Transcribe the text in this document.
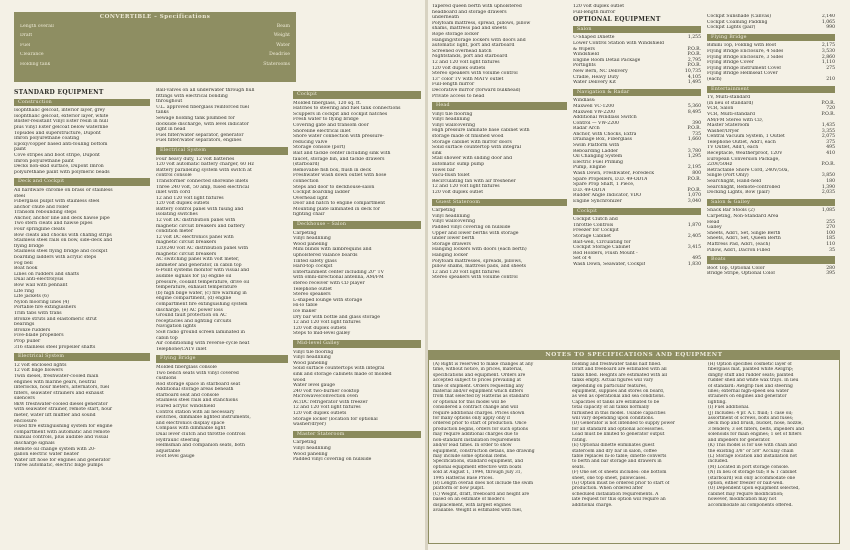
CONVERTIBLE – Specifications
Length overall	Beam
Draft	Weight
Fuel	Water
Clearance	Deadrise
Holding tank	Staterooms
STANDARD EQUIPMENT
Construction
Isophthalic gelcoat, interior layer, grey
Isophthalic gelcoat, exterior layer, white
Blister-resistant Vinyl Ester resin in hull
plus Vinyl Ester gelcoat below waterline
Topsides and superstructure, Dupont
Imron polyurethane coating
Epoxy/copper based anti-fouling bottom
paint
Cove stripes and boot stripe, Dupont
Imron polyurethane paint
Decks non-skid surface, Dupont Imron
polyurethane paint with polymeric beads
Deck and Cockpit
All hardware chrome on brass or stainless
steel
Fiberglass pulpit with stainless steel
anchor chute and roller
Transom rebounding steps
Anchor, anchor line and deck hawse pipe
Two stern cleats and hawse pipes
Four springline cleats
Bow cleats and chocks with chafing strips
Stainless steel rails on bow, side-deck and
flying bridge
Stainless steel flying bridge and cockpit
boarding ladders with acrylic steps
Fog bell
Boat hook
Lines on rudders and shafts
Dual anti-electrolysis
Bow wall with pennant
Life ring
Life jackets (6)
Nylon mooring lines (4)
Portable fire extinguishers
Trim tabs with trans
Bronze struts and elastomeric strut
bearings
Bronze rudders
Five-blade propellers
Prop puller
316 stainless steel propeller shafts
Electrical System
12 volt enclosed lights
12 volt bilge blowers
Twin diesel, freshwater-cooled main
engines with marine gears, neutral
interlocks, hour meters, alternators, fuel
filters, seawater strainers and exhaust
silencers
8kW freshwater-cooled diesel generator
with seawater strainer, remote start, hour
meter, water lift muffler and sound
enclosure
Fixed fire extinguishing system for engine
compartment with automatic and remote
manual controls, plus audible and visual
discharge signals
Remote oil change system with 20-
gallon electric water heater
Water lift hose for engines and generator
Three automatic, electric bilge pumps
Ball-valves on all underwater through hull
fittings with electrical bonding
throughout
U.L. approved fiberglass reinforced fuel
tanks
Sewage holding tank plumbed for
dockside discharge, with level indicator
light in head
Fuel filter/water separator, generator
Fuel filter/water separators, engines
Electrical System
Four heavy duty, 12 volt batteries
120 volt automatic battery charger, 60 Hz
Battery paralleling system with switch at
control console
Transformer connected shoreline inlets
Three 240 volt, 50 amp, fused electrical
inlet with cord
12 and 120 volt light fixtures
120 volt duplex outlets
Battery control panel with fusing and
isolating switches
12 volt DC distribution panel with
magnetic circuit breakers and battery
condition meter
12 volt DC electronics panel with
magnetic circuit breakers
120/240 volt AC distribution panel with
magnetic circuit breakers
AC switching panel with volt meter,
ammeter and generator, in cabin top
6-Point systems monitor with visual and
audible signals for (a) engine oil
pressure, coolant temperature, drive oil
temperature, exhaust temperature
(b) high bilge water, (c) fire warning in
engine compartment, (d) engine
compartment fire extinguishing system
discharge, (e) AC power loss
Ground fault protection on AC
receptacles and lighting circuits
Navigation lights
SSB radio ground screen laminated in
cabin top
Air conditioning with reverse-cycle heat
Telephone/CATV inlet
Flying Bridge
Molded fiberglass console
Two bench seats with vinyl covered
cushions
Rod storage space in starboard seat
Additional storage areas beneath
starboard seat and console
Stainless steel rails and stanchions
Flared acrylic windshield
Control station with all necessary
switches, dimmable lighted instruments,
and electronics display space
Compass with dimmable light
Dual lever clutch and throttle controls
Hydraulic steering
Helmsman and companion seats, both
adjustable
Foot level gauge
Cockpit
Molded fiberglass, 120 sq. ft.
Hatches to steering and fuel tank connections
Scuppers in cockpit and cockpit hatches
Fresh water to flying bridge
Covering gate and transom door
Shoreline electrical inlet
Shore water connection with pressure-
reducing valve
Storage console (port)
Bait and tackle center including sink with
faucet, storage bin, and tackle drawers
(starboard)
Removable fish box, flush in deck
Freshwater wash down outlet with hose
connection
Steps and door to deckhouse-salon
Cockpit boarding ladder
Overhead light
Door and hatch to engine compartment
Mounting plate laminated in deck for
fighting chair
Deckhouse – Salon
Carpeting
Vinyl headlining
Wood paneling
Mini blinds with lambrequins and
upholstered valance boards
Tinted safety glass
Hard-top cockpit
Entertainment center including 20" TV
with omni-directional antenna, AM/FM
stereo receiver with CD player
Telephone outlet
Stereo speakers
L-shaped lounge with storage
Hi-lo table
Ice maker
Dry bar with bottle and glass storage
12 and 120 volt light fixtures
120 volt duplex outlets
Steps to mid-level galley
Mid-level Galley
Vinyl tile flooring
Vinyl headlining
Wood paneling
Solid surface countertops with integral
sink and storage cabinets made of molded
wood
Water level gauge
240 volt two-burner cooktop
Microwave/convection oven
AC/DC refrigerator with freezer
12 and 120 volt light fixtures
120 volt duplex outlets
Storage locker (location for optional
washer/dryer)
Master Stateroom
Carpeting
Vinyl headlining
Wood paneling
Padded vinyl covering on hullside
Tapered queen berth with upholstered
headboard and storage drawers
underneath
Polyfoam mattress, spread, pillows, pillow
shams, mattress pad and sheets
Rope storage locker
Hanging/storage lockers with doors and
automatic light, port and starboard
Screened overhead hatch
Nightstands, port and starboard
12 and 120 volt light fixtures
120 volt duplex outlets
Stereo speakers with volume control
13" color TV with MATV outlet
Full-length mirror
Decorative mirror (forward bulkhead)
Private access to head
Head
Vinyl tile flooring
Vinyl headlining
Vinyl wallcovering
High pressure laminate base cabinet with
storage made of finished wood
Storage cabinet with mirror doors
Solid surface countertop with integral
sink
Stall shower with sliding door and
automatic sump pump
Towel bar
Vacu-flush toilet
Recirculating fan with air freshener
12 and 120 volt light fixtures
120 volt duplex outlet
Guest Stateroom
Carpeting
Vinyl headlining
Vinyl wallcovering
Padded vinyl covering on hullside
Upper and lower berths with storage
under lower berth
Storage drawers
Hanging lockers with doors (each berth)
Hanging locker
Polyfoam mattresses, spreads, pillows,
pillow shams, mattress pads, and sheets
12 and 120 volt light fixtures
Stereo speakers with volume control
120 volt duplex outlet
Full-length mirror
OPTIONAL EQUIPMENT
Salon
U-Shaped Dinette	1,255
Lower Control Station with Windshield
& Wipers	P.O.R.
Windshield	P.O.R.
Engine Room Detail Package	2,795
Portlights	P.O.R.
New Bern, NC Delivery	10,735
Cradle, Heavy Duty	4,105
Water Delivery Kit	1,495
Navigation & Radar
Windlass:
Maxwell VC-1200	5,360
Maxwell VW-2200	8,495
Additional Windlass Switch
Control — VW-2200	390
Radar Arch	P.O.R.
Anchor, with Chocks, Extra	735
Drainage Box, Fiberglass	1,660
Swim Platform with
Reboarding Ladder	3,780
Oil Changing System	1,295
Electric Fuel Priming
Pump, Engine	2,195
Wash Down, Freshwater, Foredeck	800
Spare Propellers, D.D. 49-ODTA	P.O.R.
Spare Prop Shaft, 1 Piece,
D.D. 49-ODTA	P.O.R.
Rudder Angle Indicator, VDO	1,070
Engine Synchronizer	3,040
Cockpit
Cockpit Clutch and
Throttle Controls	1,870
Freezer for Cockpit
Storage Cabinet	2,405
Bait-well, Circulating for
Cockpit Storage Cabinet	3,415
Rod Holders, Flush Mount -
Set of 4	495
Wash Down, Seawater, Cockpit	1,830
Cockpit Sunshade (Canvas)	2,140
Cockpit Coaming Padding	1,065
Cockpit Lights (pair)	990
Flying Bridge
Bimini Top, Folding with Boot	2,175
Flying Bridge Enclosure, 4 Sides	3,530
Flying Bridge Enclosure, 3 Sides	2,860
Flying Bridge Cover	1,110
Flying Bridge Instrument Cover	275
Flying Bridge Helmseat Cover
(each)	210
Entertainment
TV, Multi-standard
(in lieu of standard)	P.O.R.
VCR, Salon	720
VCR, Multi-standard	P.O.R.
AM/FM Stereo with CD,
Master Stateroom	1,435
Washer/Dryer	3,355
Central Vacuum System, 1 Outlet	2,075
Telephone Outlet, Add'l, each	375
TV Outlet, Add'l, each	495
Receptacle, Weatherproof, 120V	410
European Conversion Package,
220v/50Hz	P.O.R.
Retractable Shore Cord, 240V/50a,
Single (Port Only)	3,850
Searchlight, Hand-held	180
Searchlight, Remote-controlled	1,390
Docking Lights, Bow (pair)	2,035
Salon & Galley
Snack Bar Stools (2)	1,085
Carpeting, Non-Standard Area
Head	255
Galley	270
Sheets, Add'l, Set, Single Berth	100
Sheets, Add'l, Set, Queen Berth	185
Mattress Pad, Add'l, (each)	110
Pillow, Add'l, Dacron Filled	35
Boats
Boot Top, Optional Color	280
Bridge Stripe, Optional Color	395
NOTES TO SPECIFICATIONS AND EQUIPMENT
(A) Right is reserved to make changes at any
time, without notice, in prices, material,
specifications and equipment. Orders are
accepted subject to prices prevailing at
time of shipment. Orders requesting any
material and/or equipment which differs
from that selected by Hatteras as standard
or optional for this model will be
considered a contract change and will
require additional charges. Prices shown
for many options only apply only if
ordered prior to start of production. Once
production begins, orders for such options
may require additional charges due to
non-standard installation requirements
and/or lead times. In order to show
equipment, construction details, line drawing
may include some optional items.
Specifications, standard equipment, and
optional equipment effective with boats
sold at August 1, 1994, through July 31,
1995 Hatteras Base Prices.
(B) Length overall does not include the swim
platform or bow pulpit.
(C) Weight, draft, freeboard and height are
based on an estimate of model's
displacement, with largest engines
available. Weight is estimated with fuel,
holding and freshwater tanks half filled.
Draft and freeboard are estimated with all
tanks filled. Heights are estimated with all
tanks empty. Actual figures will vary
depending on particular features,
equipment, supplies and stores on board,
as well as operational and sea conditions.
Capacities of tanks are estimated to be
total capacity of all tanks normally
furnished in this model. Usable capacities
will vary depending upon conditions.
(D) Generator is not intended to supply power
for all standard and optional accessories.
Load must be limited to generator output
rating.
(E) Optional dinette eliminates guest
stateroom and dry bar in salon, coffee
table replaces hi-lo table; dinette converts
to berth and bar storage and drawers in
seats.
(F) One set of sheets includes: one bottom
sheet, one top sheet, pillowcases.
(G) Option must be ordered prior to start of
production. When ordered after
scheduled installation requirements. A
late request for this option will require an
additional charge.
(H) Option specifies cosmetic layer of
fiberglass mat, painted white Awlgrip;
dinghy stuff and rudder seats; painted
rudder shell and white wax trays. In lieu
of standard: Awlgrip fuel and steering
lines; external high-speed sea water
strainers on engines and generator
lighting.
(I) Fuel additional.
(J) Includes: 4 pr. A.T. fluid; 1 case oil;
assortment of screws, bolts and fuses;
deck mop and brush, bucket, hose, nozzle,
3 fenders; 3 set filters, belts, impellers and
solenoids for main engines; 1 set of filters
and impellers for generator.
(K) This model is for use with chain and
the existing 3/8" or 5/8" Acculay chain
(L) Storage location and installation not
included.
(M) Located in port storage console.
(N) In lieu of storage tub; 8 & T cabinet
(starboard) will only accommodate one
option, either freezer or bait-well.
(O) Dependent upon equipment selected,
cabinet may require modification;
however, modification may not
accommodate all components offered.
